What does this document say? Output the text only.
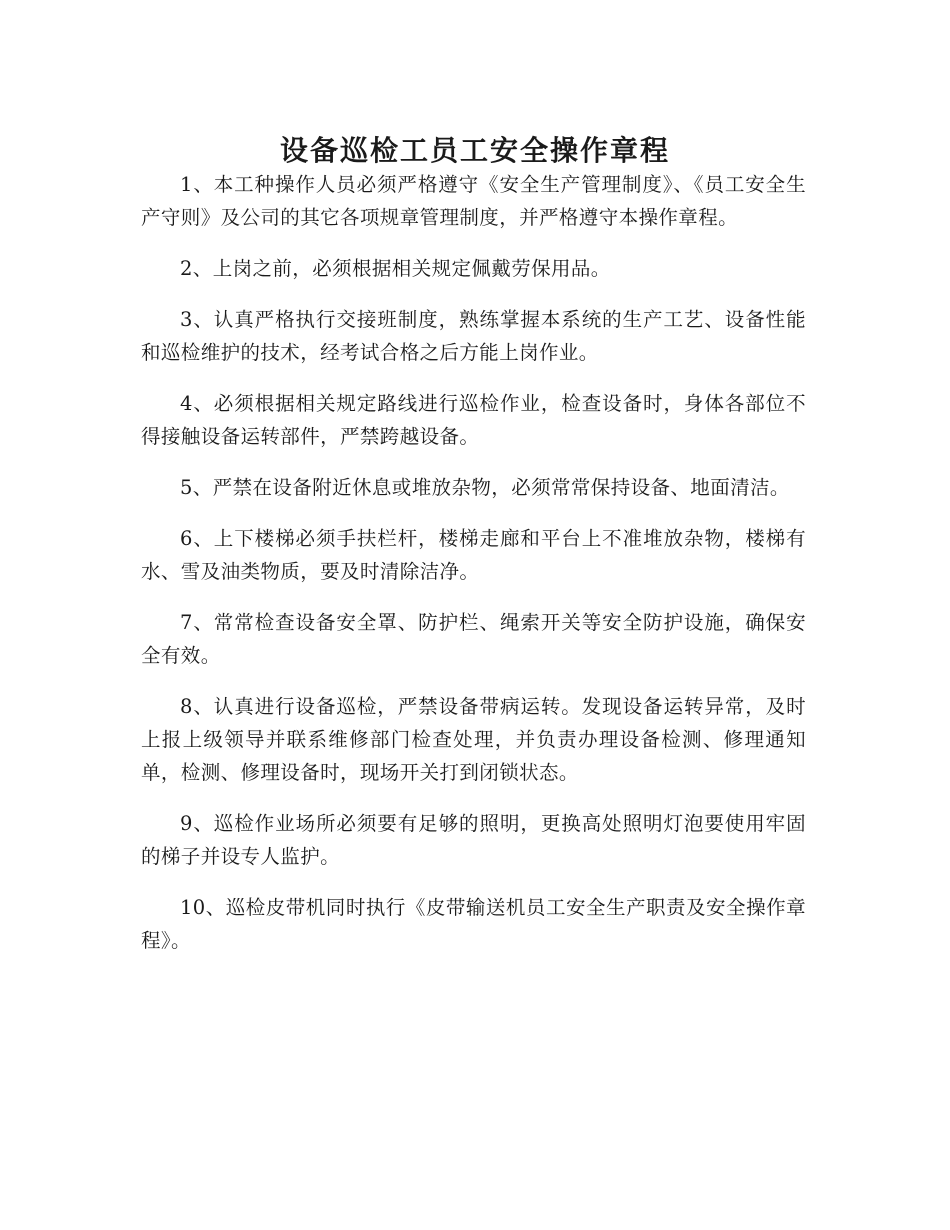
设备巡检工员工安全操作章程

1、本工种操作人员必须严格遵守《安全生产管理制度》、《员工安全生产守则》及公司的其它各项规章管理制度，并严格遵守本操作章程。

2、上岗之前，必须根据相关规定佩戴劳保用品。

3、认真严格执行交接班制度，熟练掌握本系统的生产工艺、设备性能和巡检维护的技术，经考试合格之后方能上岗作业。

4、必须根据相关规定路线进行巡检作业，检查设备时，身体各部位不得接触设备运转部件，严禁跨越设备。

5、严禁在设备附近休息或堆放杂物，必须常常保持设备、地面清洁。

6、上下楼梯必须手扶栏杆，楼梯走廊和平台上不准堆放杂物，楼梯有水、雪及油类物质，要及时清除洁净。

7、常常检查设备安全罩、防护栏、绳索开关等安全防护设施，确保安全有效。

8、认真进行设备巡检，严禁设备带病运转。发现设备运转异常，及时上报上级领导并联系维修部门检查处理，并负责办理设备检测、修理通知单，检测、修理设备时，现场开关打到闭锁状态。

9、巡检作业场所必须要有足够的照明，更换高处照明灯泡要使用牢固的梯子并设专人监护。

10、巡检皮带机同时执行《皮带输送机员工安全生产职责及安全操作章程》。
